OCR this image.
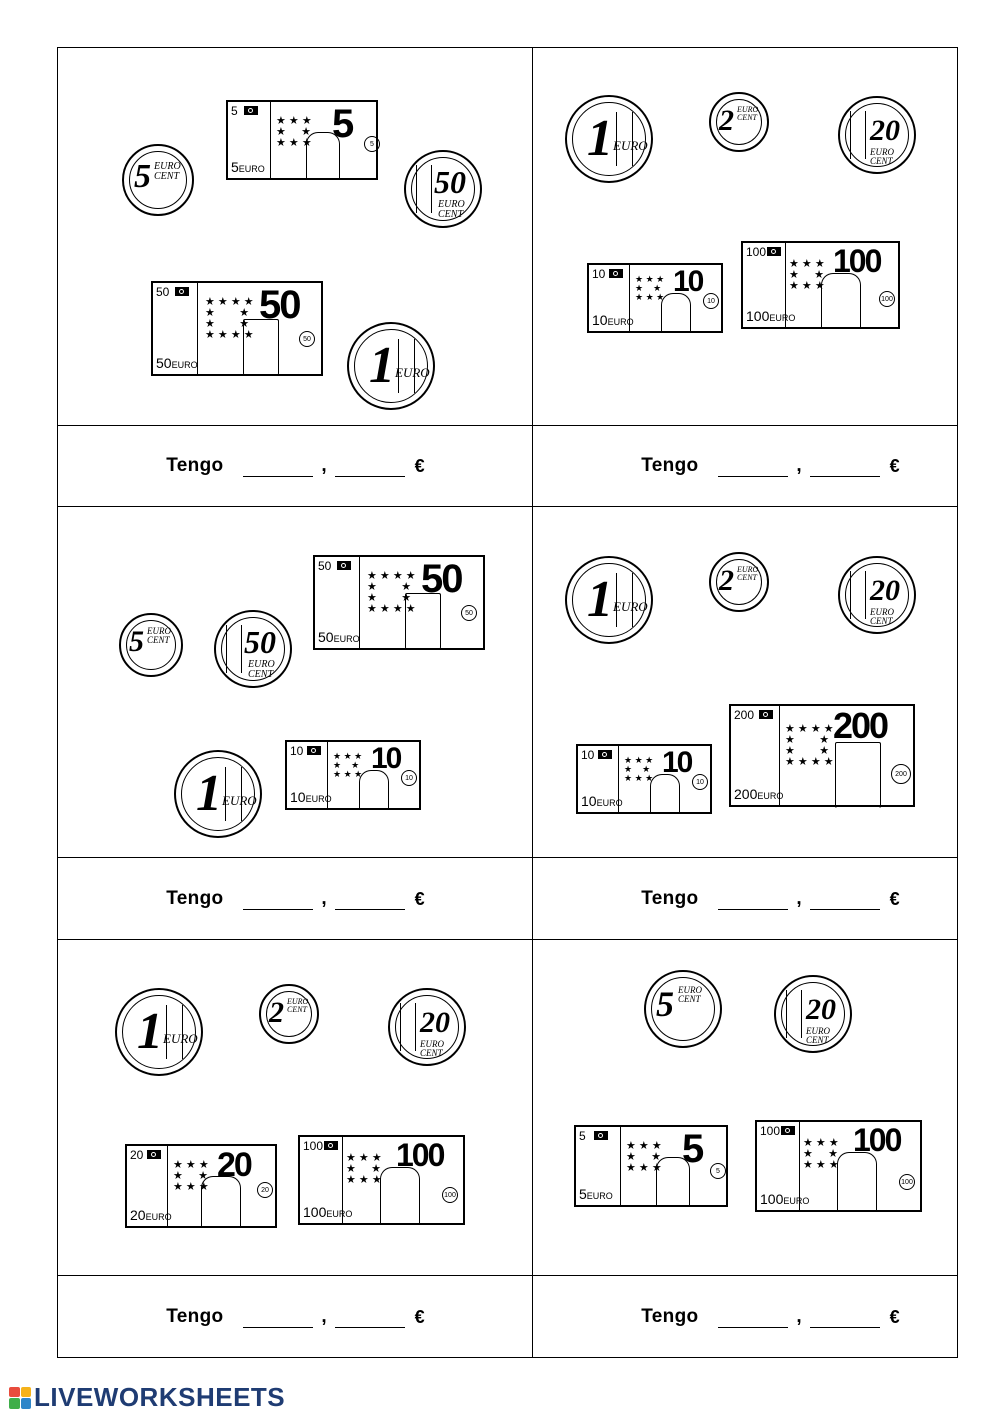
5
★ ★ ★
★     ★
★ ★ ★ 5	5
5EURO
5 EURO CENT	50
EURO CENT
50
★ ★ ★ ★
★        ★
★        ★
★ ★ ★ ★
50
50
50EURO	1 EURO
1 EURO
2 EURO CENT	20
EURO CENT
10	★ ★ ★
★    ★
★ ★ ★ 10
10
10EURO
100
★ ★ ★
★     ★
★ ★ ★
100
100
100EURO
Tengo	,	€	Tengo	,	€
50
★ ★ ★ ★
★        ★
★        ★
★ ★ ★ ★
50
50
50EURO
5 EURO CENT 50
EURO CENT
1 EURO
10	★ ★ ★
★    ★
★ ★ ★ 10
10
10EURO
1 EURO
2 EURO CENT	20
EURO CENT
200
★ ★ ★ ★
★        ★
★        ★
★ ★ ★ ★
200
200
200EURO
10	★ ★ ★
★    ★
★ ★ ★ 10
10
10EURO
Tengo	,	€	Tengo	,	€
1 EURO
2 EURO CENT	20
EURO CENT
20
★ ★ ★
★     ★
★ ★ ★
20
20
20EURO
100
★ ★ ★
★     ★
★ ★ ★
100
100
100EURO
5 EURO CENT	20
EURO CENT
5
★ ★ ★
★     ★
★ ★ ★ 5	5
5EURO
100
★ ★ ★
★     ★
★ ★ ★
100
100
100EURO
Tengo	,	€	Tengo	,	€
LIVEWORKSHEETS
